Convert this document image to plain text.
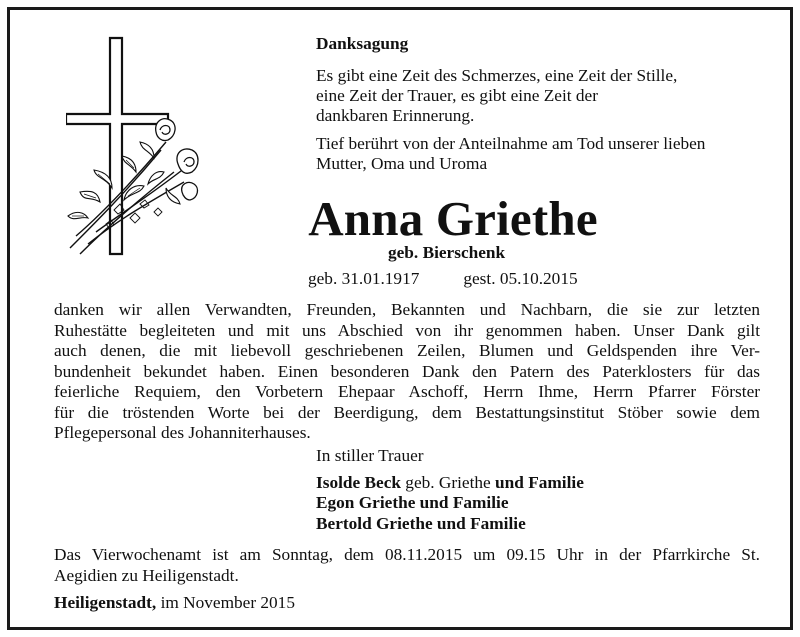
Danksagung
Es gibt eine Zeit des Schmerzes, eine Zeit der Stille,
eine Zeit der Trauer, es gibt eine Zeit der
dankbaren Erinnerung.
Tief berührt von der Anteilnahme am Tod unserer lieben
Mutter, Oma und Uroma
Anna Griethe
geb. Bierschenk
geb. 31.01.1917	gest. 05.10.2015
danken wir allen Verwandten, Freunden, Bekannten und Nachbarn, die sie zur letzten
Ruhestätte begleiteten und mit uns Abschied von ihr genommen haben. Unser Dank gilt
auch denen, die mit liebevoll geschriebenen Zeilen, Blumen und Geldspenden ihre Ver-
bundenheit bekundet haben. Einen besonderen Dank den Patern des Paterklosters für das
feierliche Requiem, den Vorbetern Ehepaar Aschoff, Herrn Ihme, Herrn Pfarrer Förster
für die tröstenden Worte bei der Beerdigung, dem Bestattungsinstitut Stöber sowie dem
Pflegepersonal des Johanniterhauses.
In stiller Trauer
Isolde Beck geb. Griethe und Familie
Egon Griethe und Familie
Bertold Griethe und Familie
Das Vierwochenamt ist am Sonntag, dem 08.11.2015 um 09.15 Uhr in der Pfarrkirche St.
Aegidien zu Heiligenstadt.
Heiligenstadt, im November 2015
